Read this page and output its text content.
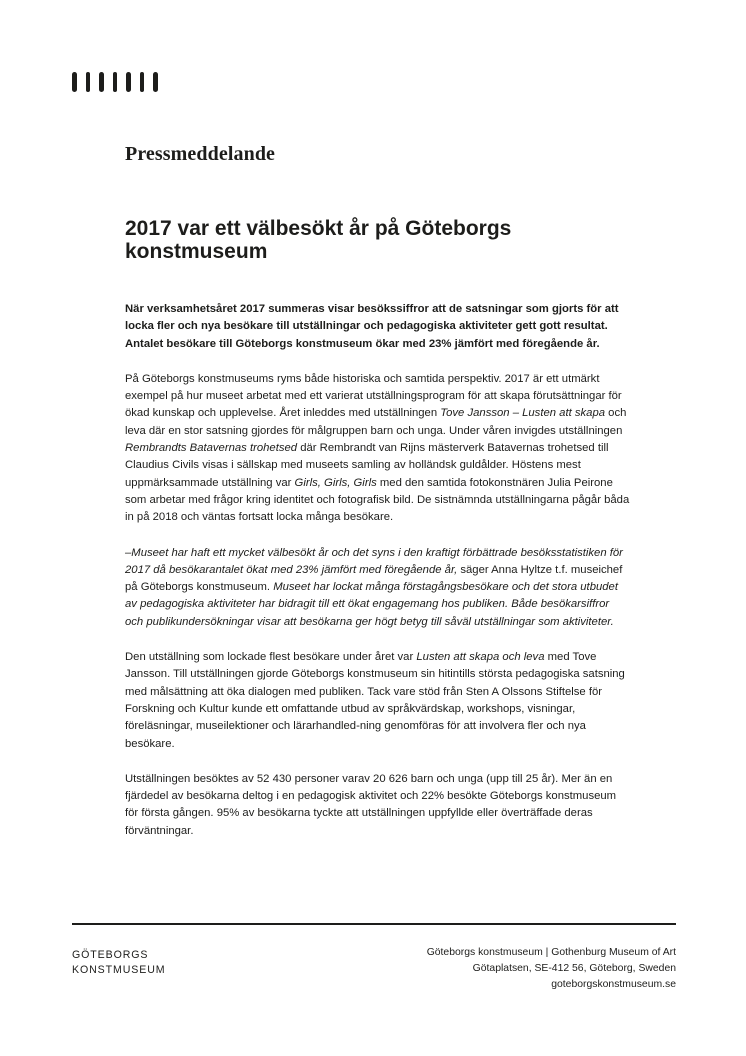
Pressmeddelande
2017 var ett välbesökt år på Göteborgs konstmuseum

När verksamhetsåret 2017 summeras visar besökssiffror att de satsningar som gjorts för att locka fler och nya besökare till utställningar och pedagogiska aktiviteter gett gott resultat. Antalet besökare till Göteborgs konstmuseum ökar med 23% jämfört med föregående år.

På Göteborgs konstmuseums ryms både historiska och samtida perspektiv. 2017 är ett utmärkt exempel på hur museet arbetat med ett varierat utställningsprogram för att skapa förutsättningar för ökad kunskap och upplevelse. Året inleddes med utställningen Tove Jansson – Lusten att skapa och leva där en stor satsning gjordes för målgruppen barn och unga. Under våren invigdes utställningen Rembrandts Batavernas trohetsed där Rembrandt van Rijns mästerverk Batavernas trohetsed till Claudius Civils visas i sällskap med museets samling av holländsk guldålder. Höstens mest uppmärksammade utställning var Girls, Girls, Girls med den samtida fotokonstnären Julia Peirone som arbetar med frågor kring identitet och fotografisk bild. De sistnämnda utställningarna pågår båda in på 2018 och väntas fortsatt locka många besökare.

–Museet har haft ett mycket välbesökt år och det syns i den kraftigt förbättrade besöksstatistiken för 2017 då besökarantalet ökat med 23% jämfört med föregående år, säger Anna Hyltze t.f. museichef på Göteborgs konstmuseum. Museet har lockat många förstagångsbesökare och det stora utbudet av pedagogiska aktiviteter har bidragit till ett ökat engagemang hos publiken. Både besökarsiffror och publikundersökningar visar att besökarna ger högt betyg till såväl utställningar som aktiviteter.

Den utställning som lockade flest besökare under året var Lusten att skapa och leva med Tove Jansson. Till utställningen gjorde Göteborgs konstmuseum sin hitintills största pedagogiska satsning med målsättning att öka dialogen med publiken. Tack vare stöd från Sten A Olssons Stiftelse för Forskning och Kultur kunde ett omfattande utbud av språkvärdskap, workshops, visningar, föreläsningar, museilektioner och lärarhandled-ning genomföras för att involvera fler och nya besökare.

Utställningen besöktes av 52 430 personer varav 20 626 barn och unga (upp till 25 år). Mer än en fjärdedel av besökarna deltog i en pedagogisk aktivitet och 22% besökte Göteborgs konstmuseum för första gången. 95% av besökarna tyckte att utställningen uppfyllde eller överträffade deras förväntningar.

GÖTEBORGS
KONSTMUSEUM
Göteborgs konstmuseum | Gothenburg Museum of Art
Götaplatsen, SE-412 56, Göteborg, Sweden
goteborgskonstmuseum.se
